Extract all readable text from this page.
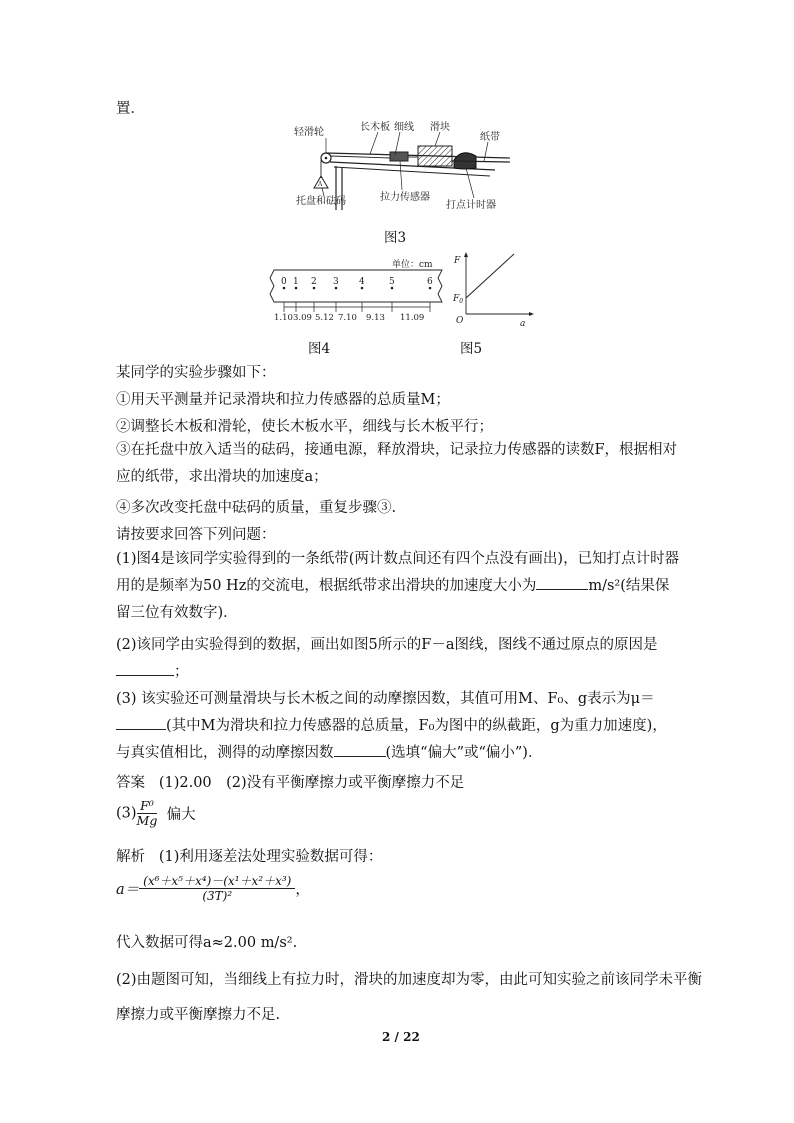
置．
A
轻滑轮	长木板 细线 滑块
纸带
托盘和砝码	拉力传感器
打点计时器
图3
单位：cm
0 1 2 3 4	5	6
1.10 3.09 5.12 7.10 9.13 11.09
图4
F
a
O
$F_0$
图5
某同学的实验步骤如下：
①用天平测量并记录滑块和拉力传感器的总质量M；
②调整长木板和滑轮，使长木板水平，细线与长木板平行；
③在托盘中放入适当的砝码，接通电源，释放滑块，记录拉力传感器的读数F，根据相对应的纸带，求出滑块的加速度a；
④多次改变托盘中砝码的质量，重复步骤③.
请按要求回答下列问题：
(1)图4是该同学实验得到的一条纸带(两计数点间还有四个点没有画出)，已知打点计时器用的是频率为50 Hz的交流电，根据纸带求出滑块的加速度大小为	m/s²(结果保留三位有效数字)．
(2)该同学由实验得到的数据，画出如图5所示的F－a图线，图线不通过原点的原因是
；
(3) 该实验还可测量滑块与长木板之间的动摩擦因数，其值可用M、F₀、g表示为μ＝
(其中M为滑块和拉力传感器的总质量，F₀为图中的纵截距，g为重力加速度)，与真实值相比，测得的动摩擦因数	(选填“偏大”或“偏小”)．
答案 (1)2.00　(2)没有平衡摩擦力或平衡摩擦力不足
$(3) \frac{\text{F⁰}}{Mg}$ 偏大
解析 (1)利用逐差法处理实验数据可得：
$a= \frac{\text{(x⁶＋x⁵＋x⁴)－(x¹＋x²＋x³)}}{\text{(3T)²}}$ ，
代入数据可得a≈2.00 m/s².
(2)由题图可知，当细线上有拉力时，滑块的加速度却为零，由此可知实验之前该同学未平衡
摩擦力或平衡摩擦力不足.
2 / 22
